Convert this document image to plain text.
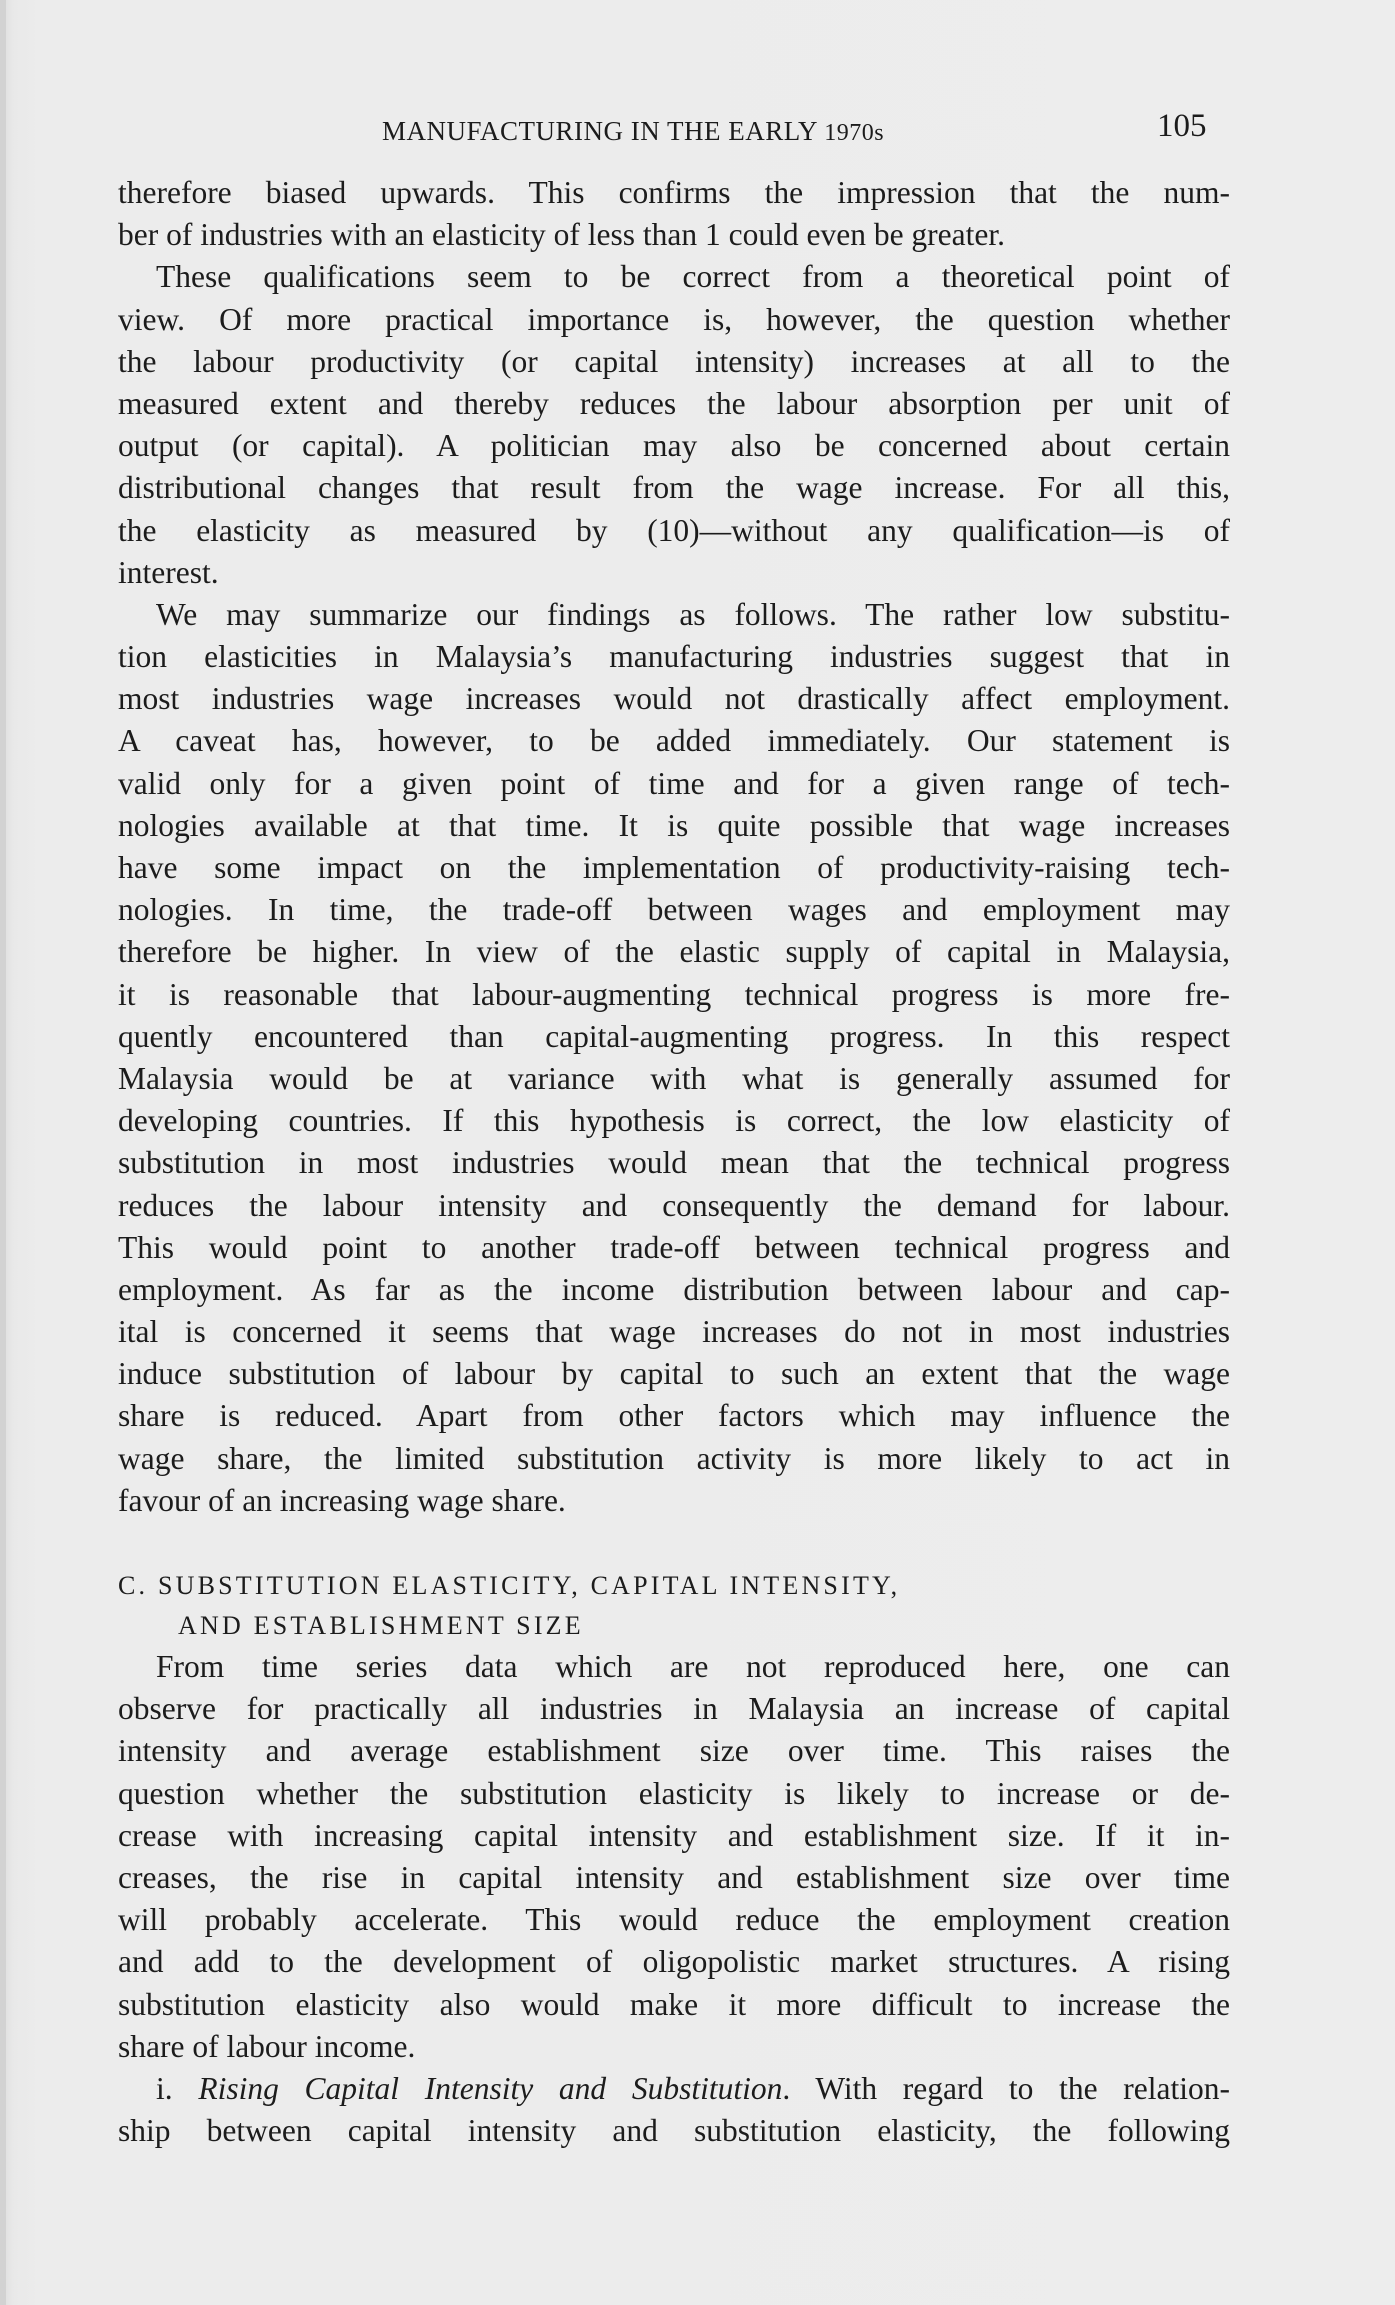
MANUFACTURING IN THE EARLY 1970s	105
therefore biased upwards. This confirms the impression that the num-
ber of industries with an elasticity of less than 1 could even be greater.
These qualifications seem to be correct from a theoretical point of
view. Of more practical importance is, however, the question whether
the labour productivity (or capital intensity) increases at all to the
measured extent and thereby reduces the labour absorption per unit of
output (or capital). A politician may also be concerned about certain
distributional changes that result from the wage increase. For all this,
the elasticity as measured by (10)—without any qualification—is of
interest.
We may summarize our findings as follows. The rather low substitu-
tion elasticities in Malaysia’s manufacturing industries suggest that in
most industries wage increases would not drastically affect employment.
A caveat has, however, to be added immediately. Our statement is
valid only for a given point of time and for a given range of tech-
nologies available at that time. It is quite possible that wage increases
have some impact on the implementation of productivity-raising tech-
nologies. In time, the trade-off between wages and employment may
therefore be higher. In view of the elastic supply of capital in Malaysia,
it is reasonable that labour-augmenting technical progress is more fre-
quently encountered than capital-augmenting progress. In this respect
Malaysia would be at variance with what is generally assumed for
developing countries. If this hypothesis is correct, the low elasticity of
substitution in most industries would mean that the technical progress
reduces the labour intensity and consequently the demand for labour.
This would point to another trade-off between technical progress and
employment. As far as the income distribution between labour and cap-
ital is concerned it seems that wage increases do not in most industries
induce substitution of labour by capital to such an extent that the wage
share is reduced. Apart from other factors which may influence the
wage share, the limited substitution activity is more likely to act in
favour of an increasing wage share.
C. SUBSTITUTION ELASTICITY, CAPITAL INTENSITY,
AND ESTABLISHMENT SIZE
From time series data which are not reproduced here, one can
observe for practically all industries in Malaysia an increase of capital
intensity and average establishment size over time. This raises the
question whether the substitution elasticity is likely to increase or de-
crease with increasing capital intensity and establishment size. If it in-
creases, the rise in capital intensity and establishment size over time
will probably accelerate. This would reduce the employment creation
and add to the development of oligopolistic market structures. A rising
substitution elasticity also would make it more difficult to increase the
share of labour income.
i. Rising Capital Intensity and Substitution. With regard to the relation-
ship between capital intensity and substitution elasticity, the following
